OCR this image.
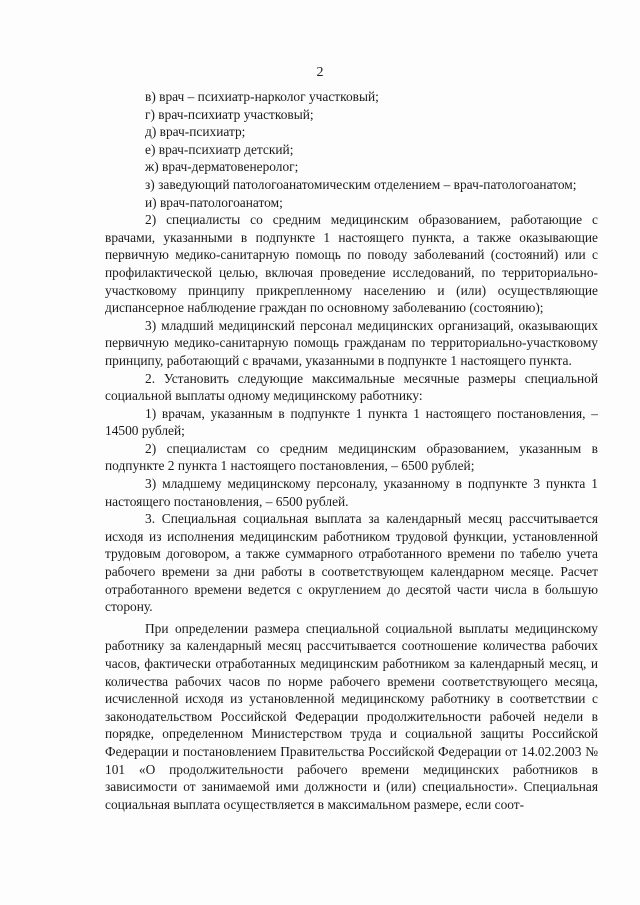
2

в) врач – психиатр-нарколог участковый;

г) врач-психиатр участковый;

д) врач-психиатр;

е) врач-психиатр детский;

ж) врач-дерматовенеролог;

з) заведующий патологоанатомическим отделением – врач-патологоанатом;

и) врач-патологоанатом;

2) специалисты со средним медицинским образованием, работающие с врачами, указанными в подпункте 1 настоящего пункта, а также оказывающие первичную медико-санитарную помощь по поводу заболеваний (состояний) или с профилактической целью, включая проведение исследований, по территориально-участковому принципу прикрепленному населению и (или) осуществляющие диспансерное наблюдение граждан по основному заболеванию (состоянию);

3) младший медицинский персонал медицинских организаций, оказывающих первичную медико-санитарную помощь гражданам по территориально-участковому принципу, работающий с врачами, указанными в подпункте 1 настоящего пункта.

2. Установить следующие максимальные месячные размеры специальной социальной выплаты одному медицинскому работнику:

1) врачам, указанным в подпункте 1 пункта 1 настоящего постановления, – 14500 рублей;

2) специалистам со средним медицинским образованием, указанным в подпункте 2 пункта 1 настоящего постановления, – 6500 рублей;

3) младшему медицинскому персоналу, указанному в подпункте 3 пункта 1 настоящего постановления, – 6500 рублей.

3. Специальная социальная выплата за календарный месяц рассчитывается исходя из исполнения медицинским работником трудовой функции, установленной трудовым договором, а также суммарного отработанного времени по табелю учета рабочего времени за дни работы в соответствующем календарном месяце. Расчет отработанного времени ведется с округлением до десятой части числа в большую сторону.

При определении размера специальной социальной выплаты медицинскому работнику за календарный месяц рассчитывается соотношение количества рабочих часов, фактически отработанных медицинским работником за календарный месяц, и количества рабочих часов по норме рабочего времени соответствующего месяца, исчисленной исходя из установленной медицинскому работнику в соответствии с законодательством Российской Федерации продолжительности рабочей недели в порядке, определенном Министерством труда и социальной защиты Российской Федерации и постановлением Правительства Российской Федерации от 14.02.2003 № 101 «О продолжительности рабочего времени медицинских работников в зависимости от занимаемой ими должности и (или) специальности». Специальная социальная выплата осуществляется в максимальном размере, если соот-
